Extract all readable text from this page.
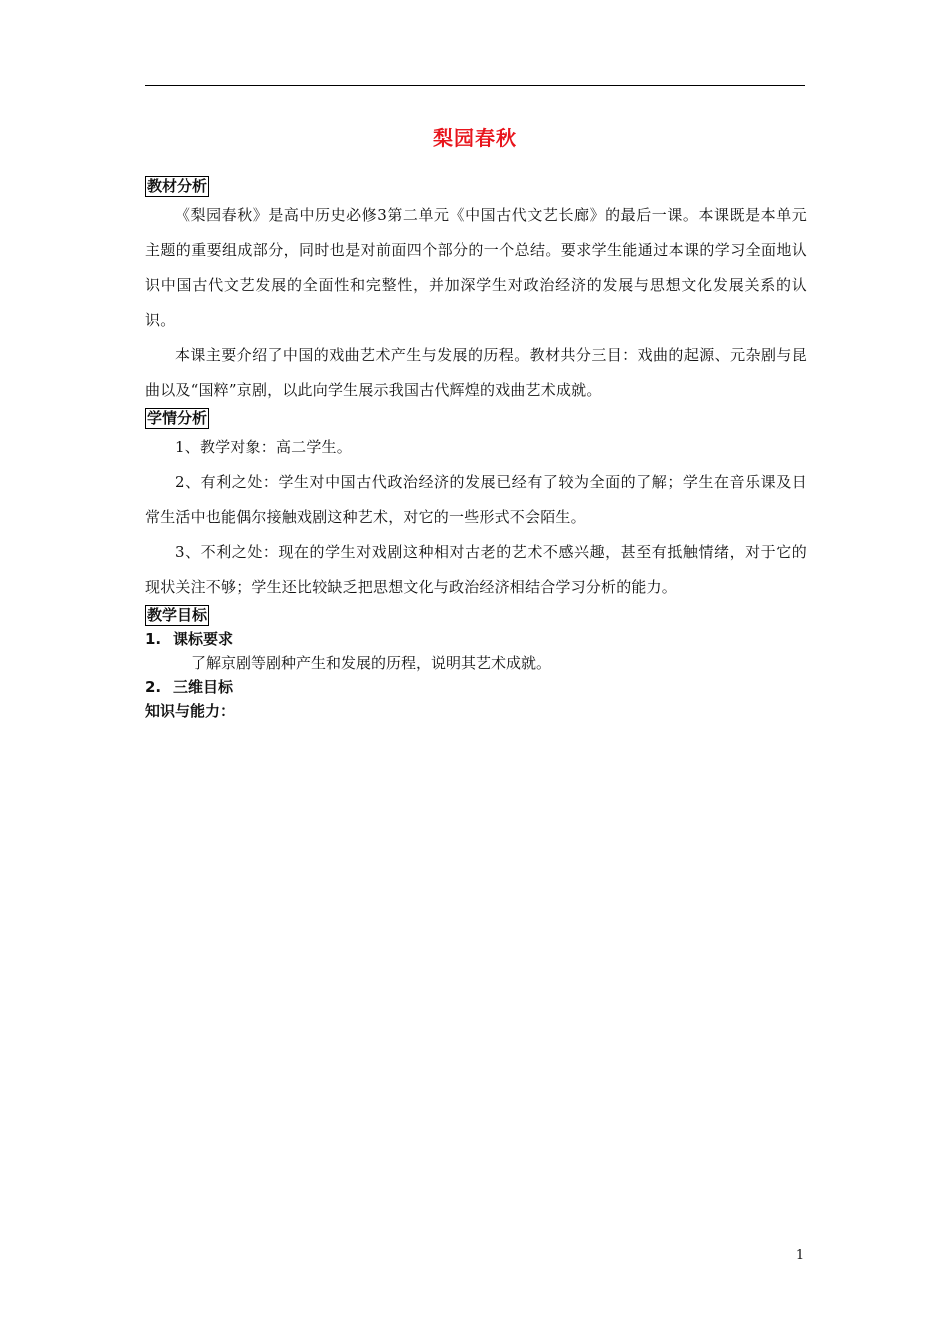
梨园春秋
教材分析

《梨园春秋》是高中历史必修3第二单元《中国古代文艺长廊》的最后一课。本课既是本单元主题的重要组成部分，同时也是对前面四个部分的一个总结。要求学生能通过本课的学习全面地认识中国古代文艺发展的全面性和完整性，并加深学生对政治经济的发展与思想文化发展关系的认识。

本课主要介绍了中国的戏曲艺术产生与发展的历程。教材共分三目：戏曲的起源、元杂剧与昆曲以及“国粹”京剧，以此向学生展示我国古代辉煌的戏曲艺术成就。

学情分析

1、教学对象：高二学生。

2、有利之处：学生对中国古代政治经济的发展已经有了较为全面的了解；学生在音乐课及日常生活中也能偶尔接触戏剧这种艺术，对它的一些形式不会陌生。

3、不利之处：现在的学生对戏剧这种相对古老的艺术不感兴趣，甚至有抵触情绪，对于它的现状关注不够；学生还比较缺乏把思想文化与政治经济相结合学习分析的能力。

教学目标
1. 课标要求
了解京剧等剧种产生和发展的历程，说明其艺术成就。
2. 三维目标
知识与能力：
1
